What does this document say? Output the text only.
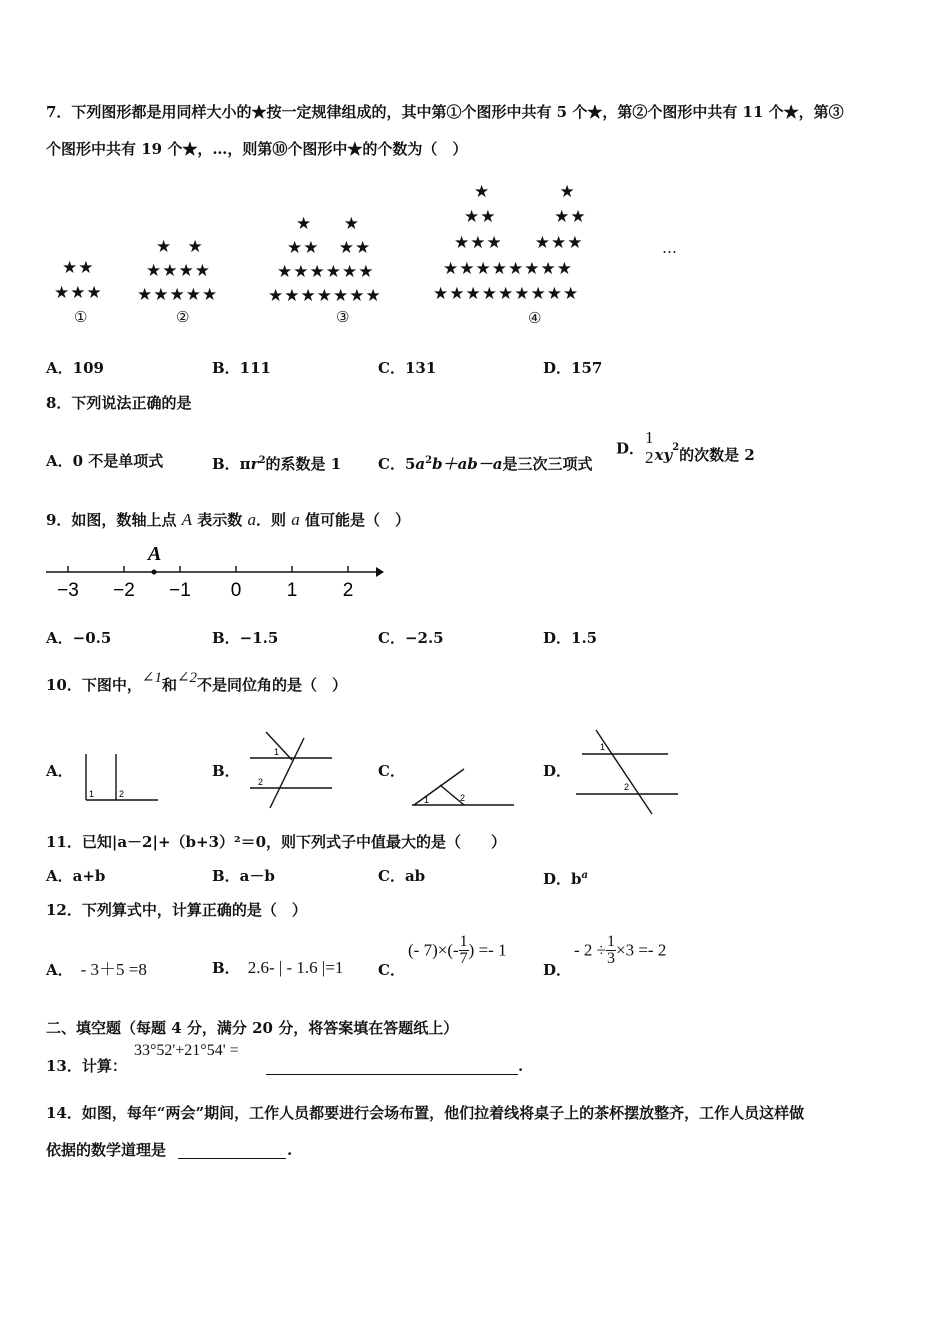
7．下列图形都是用同样大小的★按一定规律组成的，其中第①个图形中共有 5 个★，第②个图形中共有 11 个★，第③
个图形中共有 19 个★，…，则第⑩个图形中★的个数为（　）
★★
★★★
①
★ ★
★★★★
★★★★★
②
★ ★
★★ ★★
★★★★★★
★★★★★★★
③
★	★
★★	★★
★★★ ★★★
★★★★★★★★
★★★★★★★★★
④
…
A．109	B．111	C．131	D．157
8．下列说法正确的是
A．0 不是单项式	B．$\pi r^2$的系数是 1 C．$5a^2b+ab-a$是三次三项式
D．
1
2 $xy^2$的次数是 2
9．如图，数轴上点 A 表示数 a．则 a 值可能是（　）
A
−3 −2 −1 0 1 2
A．−0.5	B．−1.5	C．−2.5	D．1.5
10．下图中，∠1和∠2不是同位角的是（　）
A．
1	2
B．
1
2
C．
1	2
D．
1
2
11．已知|a－2|+（b+3）²＝0，则下列式子中值最大的是（　　）
A．a+b	B．a－b	C．ab	D．$b^a$
12．下列算式中，计算正确的是（　）
A． - 3＋5 =8	B． 2.6- | - 1.6 |=1 C．
(- $7)\times(- \frac{1}{7}$ ) =- 1
D．
- $2 \div \frac{1}{3} \times 3 =- 2$
二、填空题（每题 4 分，满分 20 分，将答案填在答题纸上）
33°52'+21°54' =
13．计算：	.
14．如图，每年“两会”期间，工作人员都要进行会场布置，他们拉着线将桌子上的茶杯摆放整齐，工作人员这样做
依据的数学道理是	.
